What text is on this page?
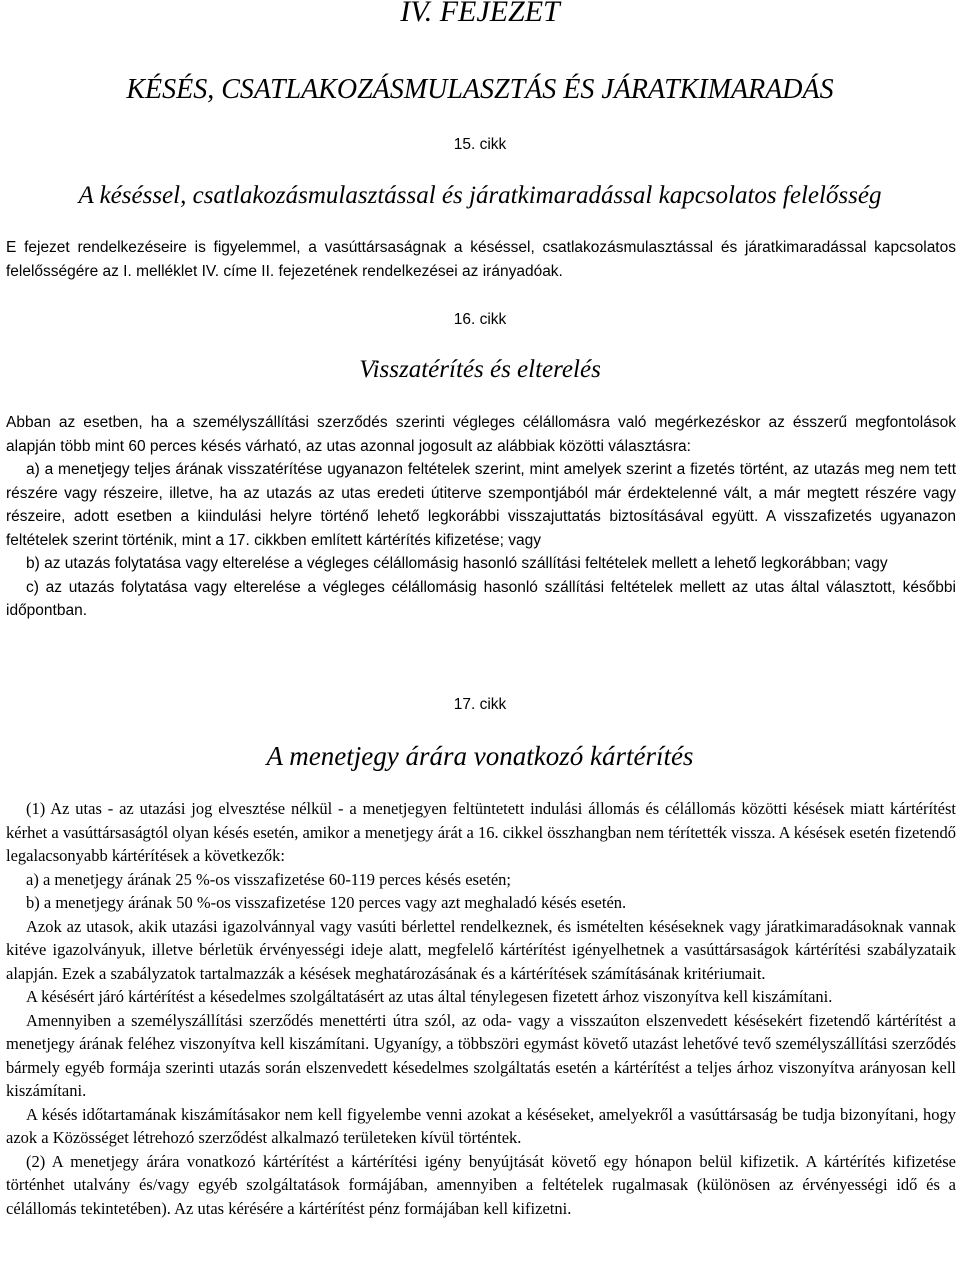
IV. FEJEZET
KÉSÉS, CSATLAKOZÁSMULASZTÁS ÉS JÁRATKIMARADÁS
15. cikk
A késéssel, csatlakozásmulasztással és járatkimaradással kapcsolatos felelősség

E fejezet rendelkezéseire is figyelemmel, a vasúttársaságnak a késéssel, csatlakozásmulasztással és járatkimaradással kapcsolatos felelősségére az I. melléklet IV. címe II. fejezetének rendelkezései az irányadóak.

16. cikk
Visszatérítés és elterelés

Abban az esetben, ha a személyszállítási szerződés szerinti végleges célállomásra való megérkezéskor az ésszerű megfontolások alapján több mint 60 perces késés várható, az utas azonnal jogosult az alábbiak közötti választásra:

a) a menetjegy teljes árának visszatérítése ugyanazon feltételek szerint, mint amelyek szerint a fizetés történt, az utazás meg nem tett részére vagy részeire, illetve, ha az utazás az utas eredeti útiterve szempontjából már érdektelenné vált, a már megtett részére vagy részeire, adott esetben a kiindulási helyre történő lehető legkorábbi visszajuttatás biztosításával együtt. A visszafizetés ugyanazon feltételek szerint történik, mint a 17. cikkben említett kártérítés kifizetése; vagy

b) az utazás folytatása vagy elterelése a végleges célállomásig hasonló szállítási feltételek mellett a lehető legkorábban; vagy

c) az utazás folytatása vagy elterelése a végleges célállomásig hasonló szállítási feltételek mellett az utas által választott, későbbi időpontban.

17. cikk
A menetjegy árára vonatkozó kártérítés

(1) Az utas - az utazási jog elvesztése nélkül - a menetjegyen feltüntetett indulási állomás és célállomás közötti késések miatt kártérítést kérhet a vasúttársaságtól olyan késés esetén, amikor a menetjegy árát a 16. cikkel összhangban nem térítették vissza. A késések esetén fizetendő legalacsonyabb kártérítések a következők:

a) a menetjegy árának 25 %-os visszafizetése 60-119 perces késés esetén;

b) a menetjegy árának 50 %-os visszafizetése 120 perces vagy azt meghaladó késés esetén.

Azok az utasok, akik utazási igazolvánnyal vagy vasúti bérlettel rendelkeznek, és ismételten késéseknek vagy járatkimaradásoknak vannak kitéve igazolványuk, illetve bérletük érvényességi ideje alatt, megfelelő kártérítést igényelhetnek a vasúttársaságok kártérítési szabályzataik alapján. Ezek a szabályzatok tartalmazzák a késések meghatározásának és a kártérítések számításának kritériumait.

A késésért járó kártérítést a késedelmes szolgáltatásért az utas által ténylegesen fizetett árhoz viszonyítva kell kiszámítani.

Amennyiben a személyszállítási szerződés menettérti útra szól, az oda- vagy a visszaúton elszenvedett késésekért fizetendő kártérítést a menetjegy árának feléhez viszonyítva kell kiszámítani. Ugyanígy, a többszöri egymást követő utazást lehetővé tevő személyszállítási szerződés bármely egyéb formája szerinti utazás során elszenvedett késedelmes szolgáltatás esetén a kártérítést a teljes árhoz viszonyítva arányosan kell kiszámítani.

A késés időtartamának kiszámításakor nem kell figyelembe venni azokat a késéseket, amelyekről a vasúttársaság be tudja bizonyítani, hogy azok a Közösséget létrehozó szerződést alkalmazó területeken kívül történtek.

(2) A menetjegy árára vonatkozó kártérítést a kártérítési igény benyújtását követő egy hónapon belül kifizetik. A kártérítés kifizetése történhet utalvány és/vagy egyéb szolgáltatások formájában, amennyiben a feltételek rugalmasak (különösen az érvényességi idő és a célállomás tekintetében). Az utas kérésére a kártérítést pénz formájában kell kifizetni.
